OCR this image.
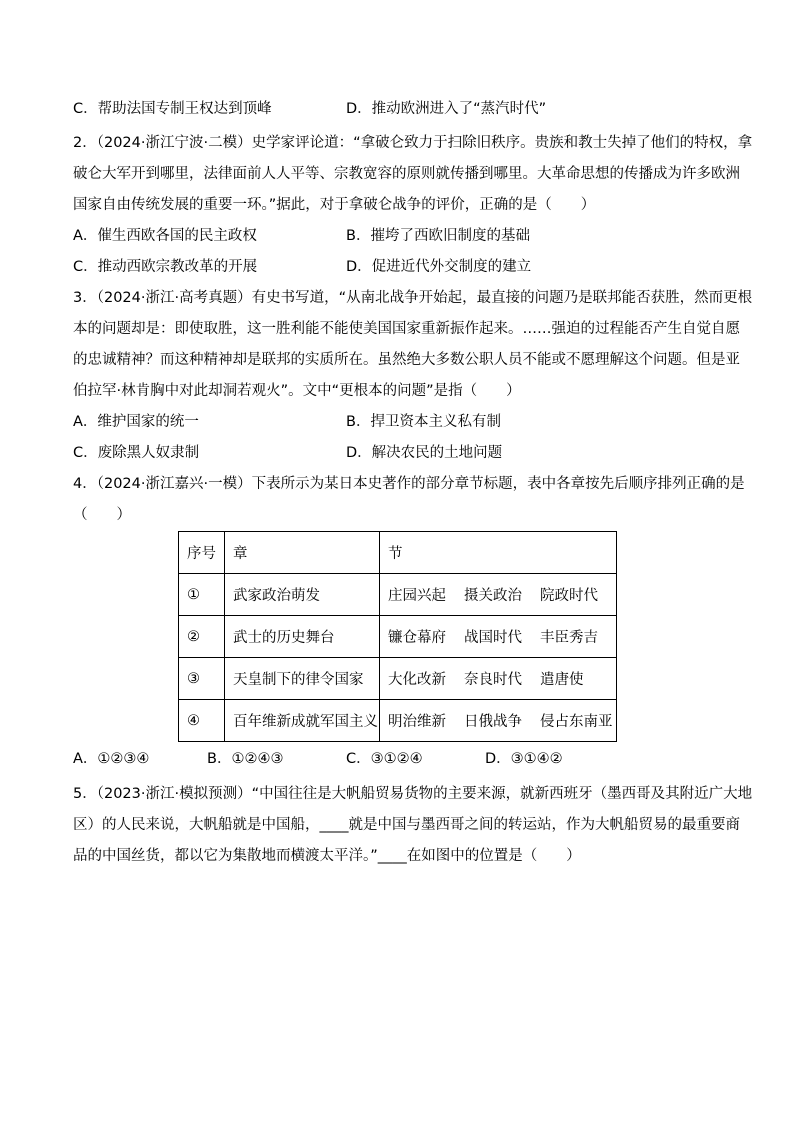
C．帮助法国专制王权达到顶峰	D．推动欧洲进入了“蒸汽时代”
2．（2024·浙江宁波·二模）史学家评论道：“拿破仑致力于扫除旧秩序。贵族和教士失掉了他们的特权，拿
破仑大军开到哪里，法律面前人人平等、宗教宽容的原则就传播到哪里。大革命思想的传播成为许多欧洲
国家自由传统发展的重要一环。”据此，对于拿破仑战争的评价，正确的是（　　）
A．催生西欧各国的民主政权	B．摧垮了西欧旧制度的基础
C．推动西欧宗教改革的开展	D．促进近代外交制度的建立
3．（2024·浙江·高考真题）有史书写道，“从南北战争开始起，最直接的问题乃是联邦能否获胜，然而更根
本的问题却是：即使取胜，这一胜利能不能使美国国家重新振作起来。……强迫的过程能否产生自觉自愿
的忠诚精神？而这种精神却是联邦的实质所在。虽然绝大多数公职人员不能或不愿理解这个问题。但是亚
伯拉罕·林肯胸中对此却洞若观火”。文中“更根本的问题”是指（　　）
A．维护国家的统一	B．捍卫资本主义私有制
C．废除黑人奴隶制	D．解决农民的土地问题
4．（2024·浙江嘉兴·一模）下表所示为某日本史著作的部分章节标题，表中各章按先后顺序排列正确的是
（　　）
序号	章	节
①	武家政治萌发	庄园兴起 摄关政治 院政时代
②	武士的历史舞台	镰仓幕府 战国时代 丰臣秀吉
③	天皇制下的律令国家	大化改新 奈良时代 遣唐使
④	百年维新成就军国主义	明治维新 日俄战争 侵占东南亚
A．①②③④	B．①②④③	C．③①②④	D．③①④②
5．（2023·浙江·模拟预测）“中国往往是大帆船贸易货物的主要来源，就新西班牙（墨西哥及其附近广大地
区）的人民来说，大帆船就是中国船，____就是中国与墨西哥之间的转运站，作为大帆船贸易的最重要商
品的中国丝货，都以它为集散地而横渡太平洋。”____在如图中的位置是（　　）
